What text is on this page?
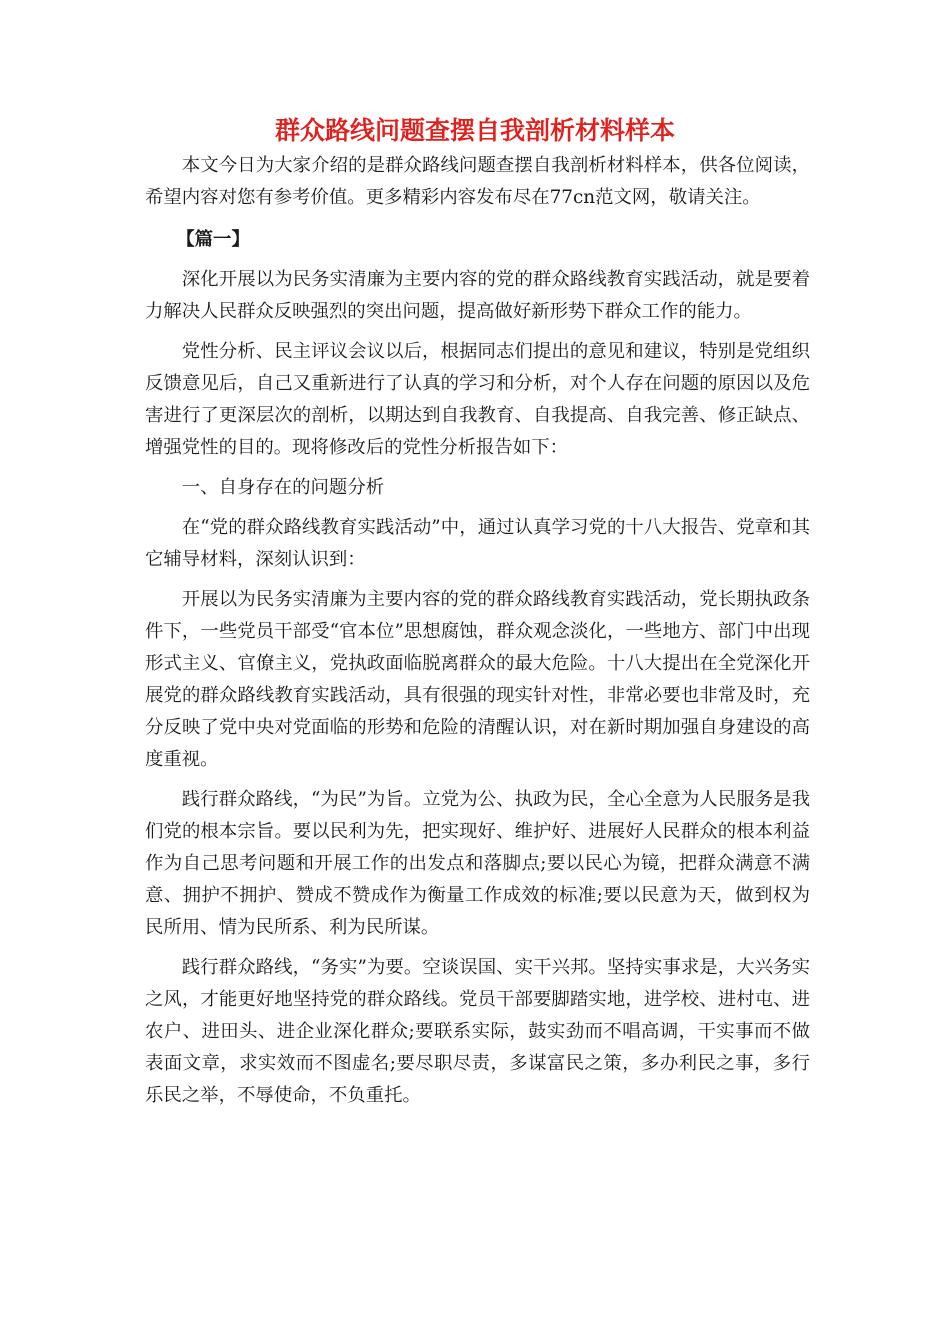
群众路线问题查摆自我剖析材料样本

本文今日为大家介绍的是群众路线问题查摆自我剖析材料样本，供各位阅读，希望内容对您有参考价值。更多精彩内容发布尽在77cn范文网，敬请关注。

【篇一】

深化开展以为民务实清廉为主要内容的党的群众路线教育实践活动，就是要着力解决人民群众反映强烈的突出问题，提高做好新形势下群众工作的能力。

党性分析、民主评议会议以后，根据同志们提出的意见和建议，特别是党组织反馈意见后，自己又重新进行了认真的学习和分析，对个人存在问题的原因以及危害进行了更深层次的剖析，以期达到自我教育、自我提高、自我完善、修正缺点、增强党性的目的。现将修改后的党性分析报告如下：

一、自身存在的问题分析

在“党的群众路线教育实践活动”中，通过认真学习党的十八大报告、党章和其它辅导材料，深刻认识到：

开展以为民务实清廉为主要内容的党的群众路线教育实践活动，党长期执政条件下，一些党员干部受“官本位”思想腐蚀，群众观念淡化，一些地方、部门中出现形式主义、官僚主义，党执政面临脱离群众的最大危险。十八大提出在全党深化开展党的群众路线教育实践活动，具有很强的现实针对性，非常必要也非常及时，充分反映了党中央对党面临的形势和危险的清醒认识，对在新时期加强自身建设的高度重视。

践行群众路线，“为民”为旨。立党为公、执政为民，全心全意为人民服务是我们党的根本宗旨。要以民利为先，把实现好、维护好、进展好人民群众的根本利益作为自己思考问题和开展工作的出发点和落脚点;要以民心为镜，把群众满意不满意、拥护不拥护、赞成不赞成作为衡量工作成效的标准;要以民意为天，做到权为民所用、情为民所系、利为民所谋。

践行群众路线，“务实”为要。空谈误国、实干兴邦。坚持实事求是，大兴务实之风，才能更好地坚持党的群众路线。党员干部要脚踏实地，进学校、进村屯、进农户、进田头、进企业深化群众;要联系实际，鼓实劲而不唱高调，干实事而不做表面文章，求实效而不图虚名;要尽职尽责，多谋富民之策，多办利民之事，多行乐民之举，不辱使命，不负重托。
